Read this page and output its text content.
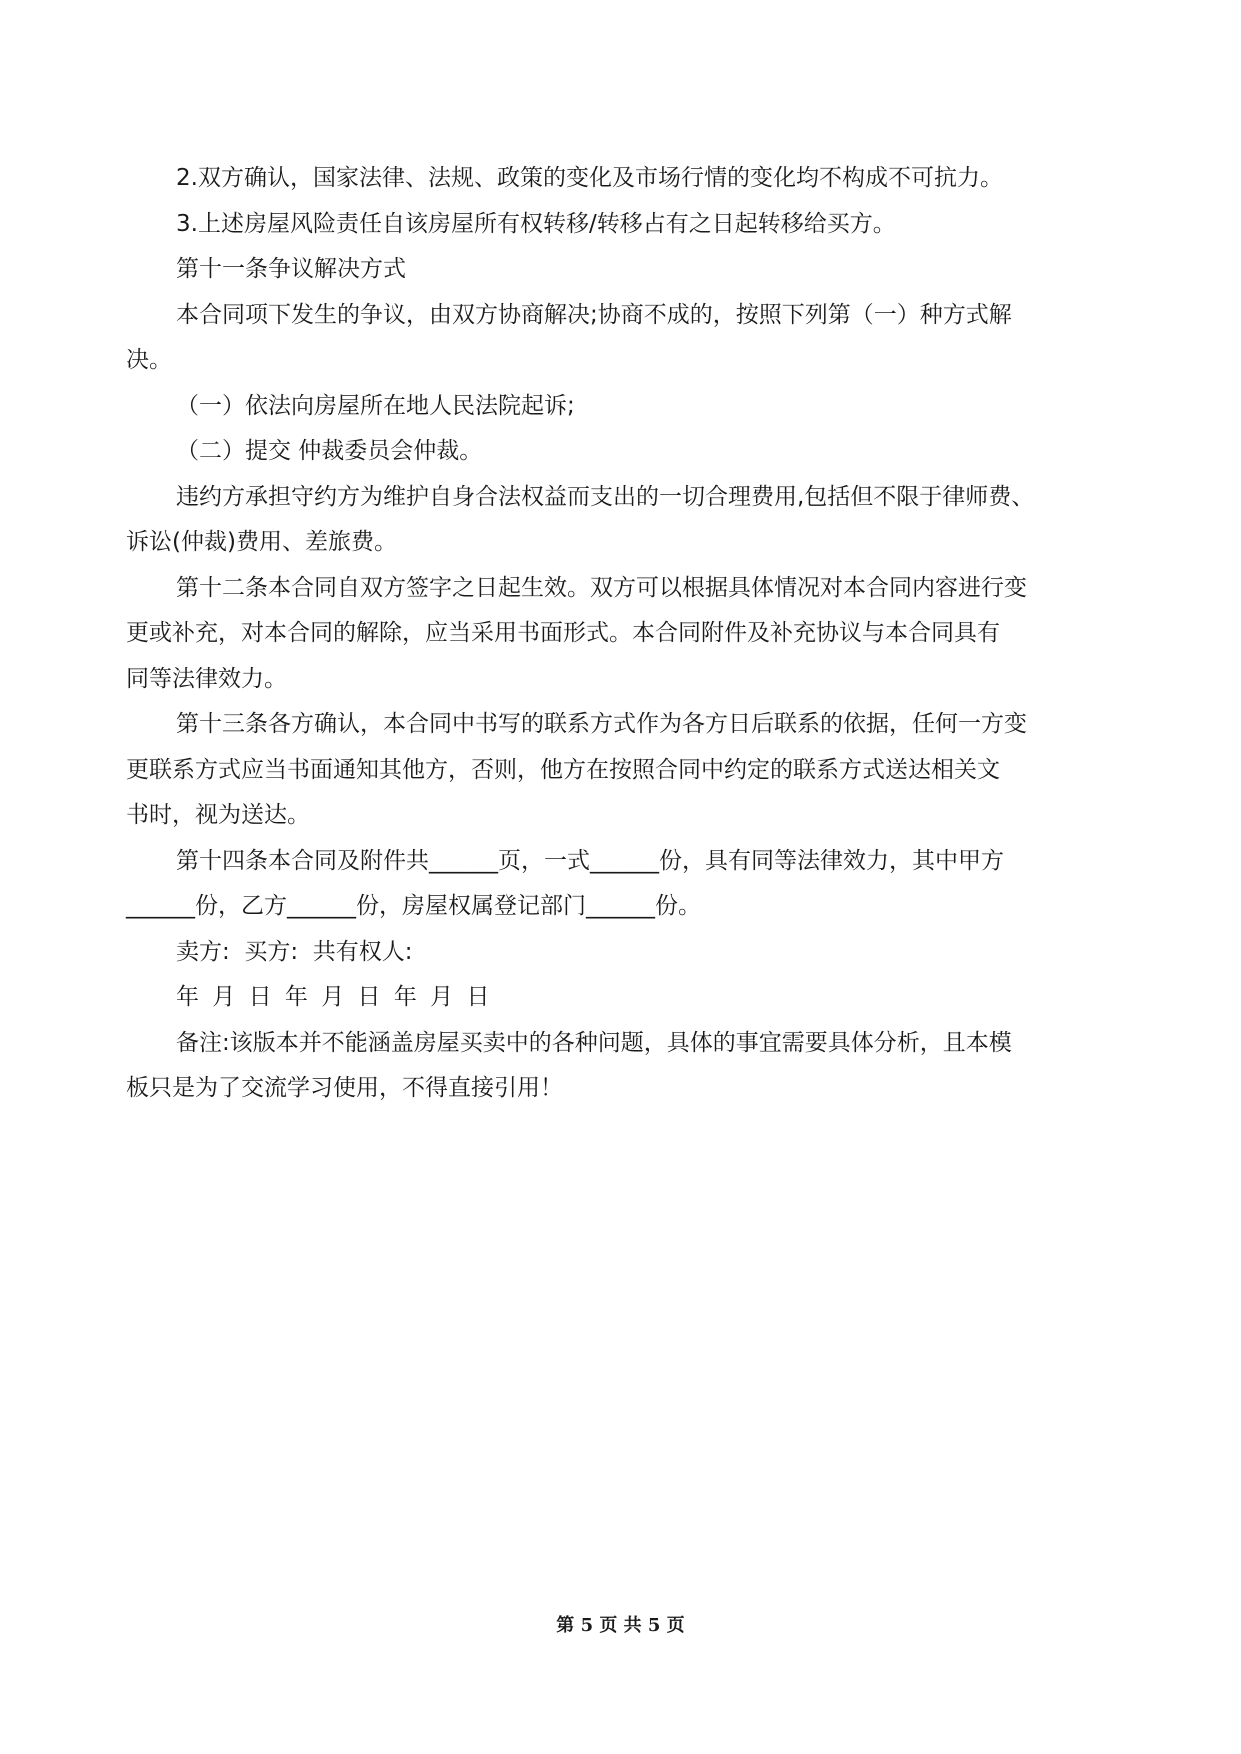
2.双方确认，国家法律、法规、政策的变化及市场行情的变化均不构成不可抗力。

3.上述房屋风险责任自该房屋所有权转移/转移占有之日起转移给买方。

第十一条争议解决方式

本合同项下发生的争议，由双方协商解决;协商不成的，按照下列第（一）种方式解
决。

（一）依法向房屋所在地人民法院起诉;

（二）提交 仲裁委员会仲裁。

违约方承担守约方为维护自身合法权益而支出的一切合理费用,包括但不限于律师费、
诉讼(仲裁)费用、差旅费。

第十二条本合同自双方签字之日起生效。双方可以根据具体情况对本合同内容进行变
更或补充，对本合同的解除，应当采用书面形式。本合同附件及补充协议与本合同具有
同等法律效力。

第十三条各方确认，本合同中书写的联系方式作为各方日后联系的依据，任何一方变
更联系方式应当书面通知其他方，否则，他方在按照合同中约定的联系方式送达相关文
书时，视为送达。

第十四条本合同及附件共______页，一式______份，具有同等法律效力，其中甲方
______份，乙方______份，房屋权属登记部门______份。

卖方:  买方:  共有权人:

年 月 日 年 月 日 年 月 日

备注:该版本并不能涵盖房屋买卖中的各种问题，具体的事宜需要具体分析，且本模
板只是为了交流学习使用，不得直接引用！

第 5 页 共 5 页
